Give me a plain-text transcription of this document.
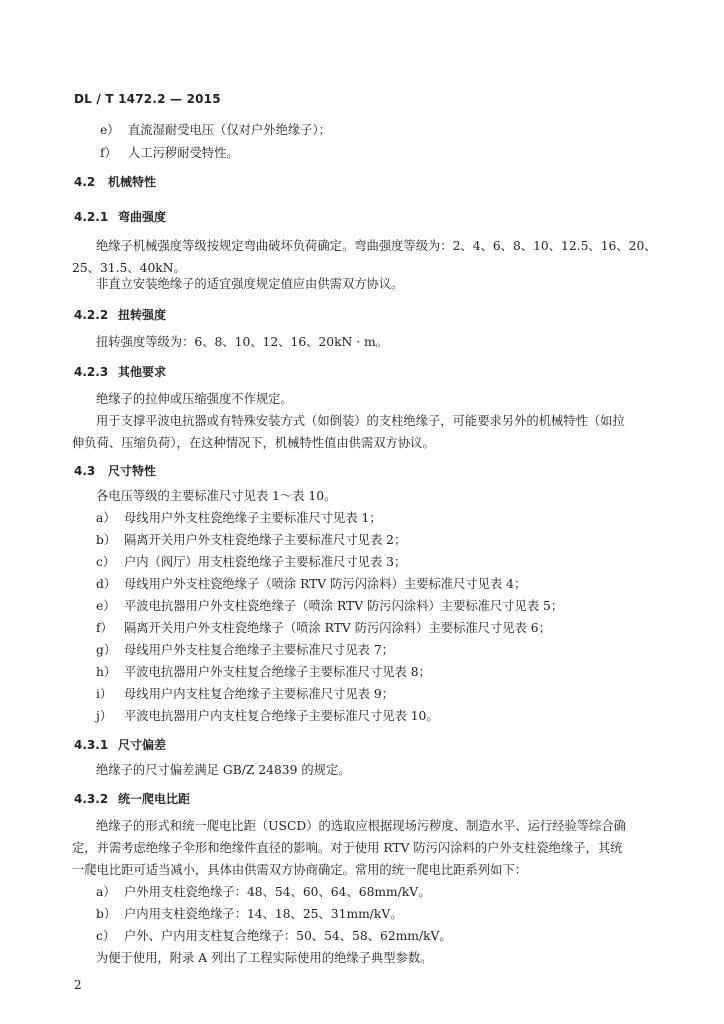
DL / T 1472.2 — 2015
e） 直流湿耐受电压（仅对户外绝缘子）；
f） 人工污秽耐受特性。
4.2 机械特性
4.2.1 弯曲强度
绝缘子机械强度等级按规定弯曲破坏负荷确定。弯曲强度等级为：2、4、6、8、10、12.5、16、20、
25、31.5、40kN。
非直立安装绝缘子的适宜强度规定值应由供需双方协议。
4.2.2 扭转强度
扭转强度等级为：6、8、10、12、16、20kN · m。
4.2.3 其他要求
绝缘子的拉伸或压缩强度不作规定。
用于支撑平波电抗器或有特殊安装方式（如倒装）的支柱绝缘子，可能要求另外的机械特性（如拉
伸负荷、压缩负荷），在这种情况下，机械特性值由供需双方协议。
4.3 尺寸特性
各电压等级的主要标准尺寸见表 1～表 10。
a） 母线用户外支柱瓷绝缘子主要标准尺寸见表 1；
b） 隔离开关用户外支柱瓷绝缘子主要标准尺寸见表 2；
c） 户内（阀厅）用支柱瓷绝缘子主要标准尺寸见表 3；
d） 母线用户外支柱瓷绝缘子（喷涂 RTV 防污闪涂料）主要标准尺寸见表 4；
e） 平波电抗器用户外支柱瓷绝缘子（喷涂 RTV 防污闪涂料）主要标准尺寸见表 5；
f） 隔离开关用户外支柱瓷绝缘子（喷涂 RTV 防污闪涂料）主要标准尺寸见表 6；
g） 母线用户外支柱复合绝缘子主要标准尺寸见表 7；
h） 平波电抗器用户外支柱复合绝缘子主要标准尺寸见表 8；
i） 母线用户内支柱复合绝缘子主要标准尺寸见表 9；
j） 平波电抗器用户内支柱复合绝缘子主要标准尺寸见表 10。
4.3.1 尺寸偏差
绝缘子的尺寸偏差满足 GB/Z 24839 的规定。
4.3.2 统一爬电比距
绝缘子的形式和统一爬电比距（USCD）的选取应根据现场污秽度、制造水平、运行经验等综合确
定，并需考虑绝缘子伞形和绝缘件直径的影响。对于使用 RTV 防污闪涂料的户外支柱瓷绝缘子，其统
一爬电比距可适当减小，具体由供需双方协商确定。常用的统一爬电比距系列如下：
a） 户外用支柱瓷绝缘子：48、54、60、64、68mm/kV。
b） 户内用支柱瓷绝缘子：14、18、25、31mm/kV。
c） 户外、户内用支柱复合绝缘子：50、54、58、62mm/kV。
为便于使用，附录 A 列出了工程实际使用的绝缘子典型参数。
2
